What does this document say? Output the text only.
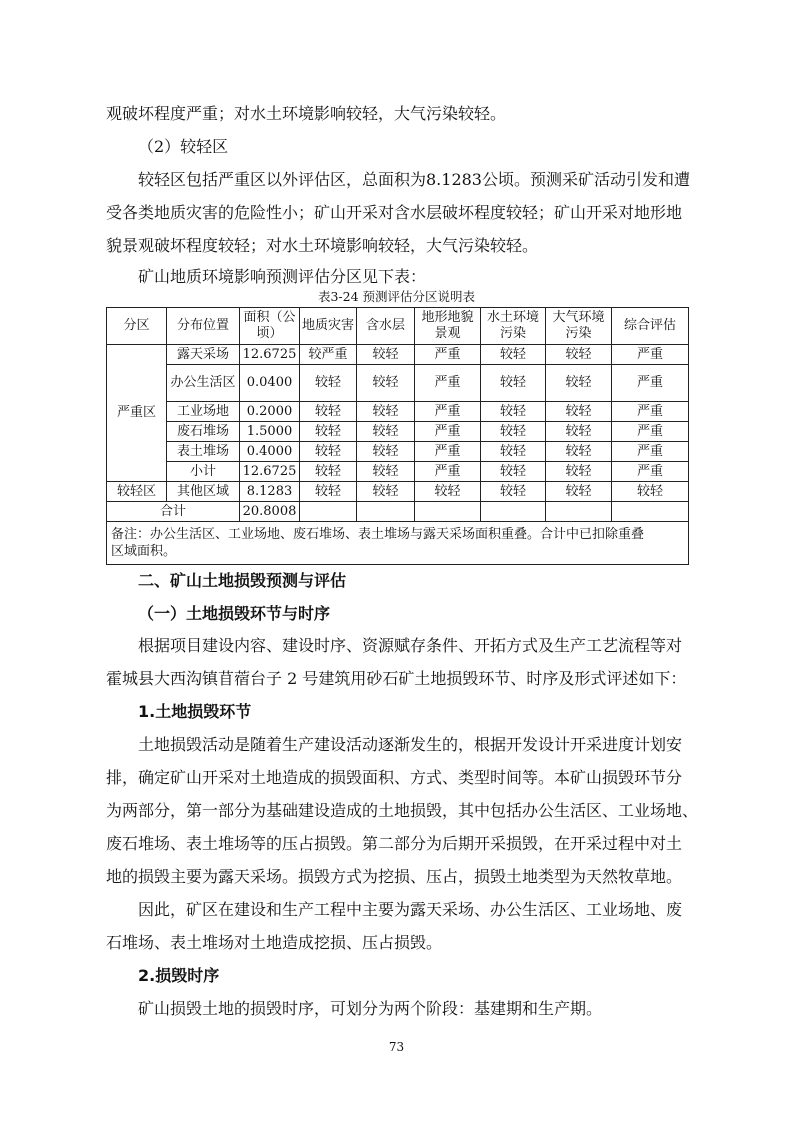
观破坏程度严重；对水土环境影响较轻，大气污染较轻。
（2）较轻区
较轻区包括严重区以外评估区，总面积为8.1283公顷。预测采矿活动引发和遭
受各类地质灾害的危险性小；矿山开采对含水层破坏程度较轻；矿山开采对地形地
貌景观破坏程度较轻；对水土环境影响较轻，大气污染较轻。
矿山地质环境影响预测评估分区见下表：
表3-24 预测评估分区说明表
分区	分布位置	面积（公顷）	地质灾害	含水层	地形地貌景观	水土环境污染	大气环境污染	综合评估
严重区	露天采场	12.6725	较严重	较轻	严重	较轻	较轻	严重
	办公生活区	0.0400	较轻	较轻	严重	较轻	较轻	严重
	工业场地	0.2000	较轻	较轻	严重	较轻	较轻	严重
	废石堆场	1.5000	较轻	较轻	严重	较轻	较轻	严重
	表土堆场	0.4000	较轻	较轻	严重	较轻	较轻	严重
	小计	12.6725	较轻	较轻	严重	较轻	较轻	严重
较轻区	其他区域	8.1283	较轻	较轻	较轻	较轻	较轻	较轻
合计		20.8008						

备注：办公生活区、工业场地、废石堆场、表土堆场与露天采场面积重叠。合计中已扣除重叠
区域面积。								
二、矿山土地损毁预测与评估
（一）土地损毁环节与时序
根据项目建设内容、建设时序、资源赋存条件、开拓方式及生产工艺流程等对
霍城县大西沟镇苜蓿台子 2 号建筑用砂石矿土地损毁环节、时序及形式评述如下：
1.土地损毁环节
土地损毁活动是随着生产建设活动逐渐发生的，根据开发设计开采进度计划安
排，确定矿山开采对土地造成的损毁面积、方式、类型时间等。本矿山损毁环节分
为两部分，第一部分为基础建设造成的土地损毁，其中包括办公生活区、工业场地、
废石堆场、表土堆场等的压占损毁。第二部分为后期开采损毁，在开采过程中对土
地的损毁主要为露天采场。损毁方式为挖损、压占，损毁土地类型为天然牧草地。
因此，矿区在建设和生产工程中主要为露天采场、办公生活区、工业场地、废
石堆场、表土堆场对土地造成挖损、压占损毁。
2.损毁时序
矿山损毁土地的损毁时序，可划分为两个阶段：基建期和生产期。
73
